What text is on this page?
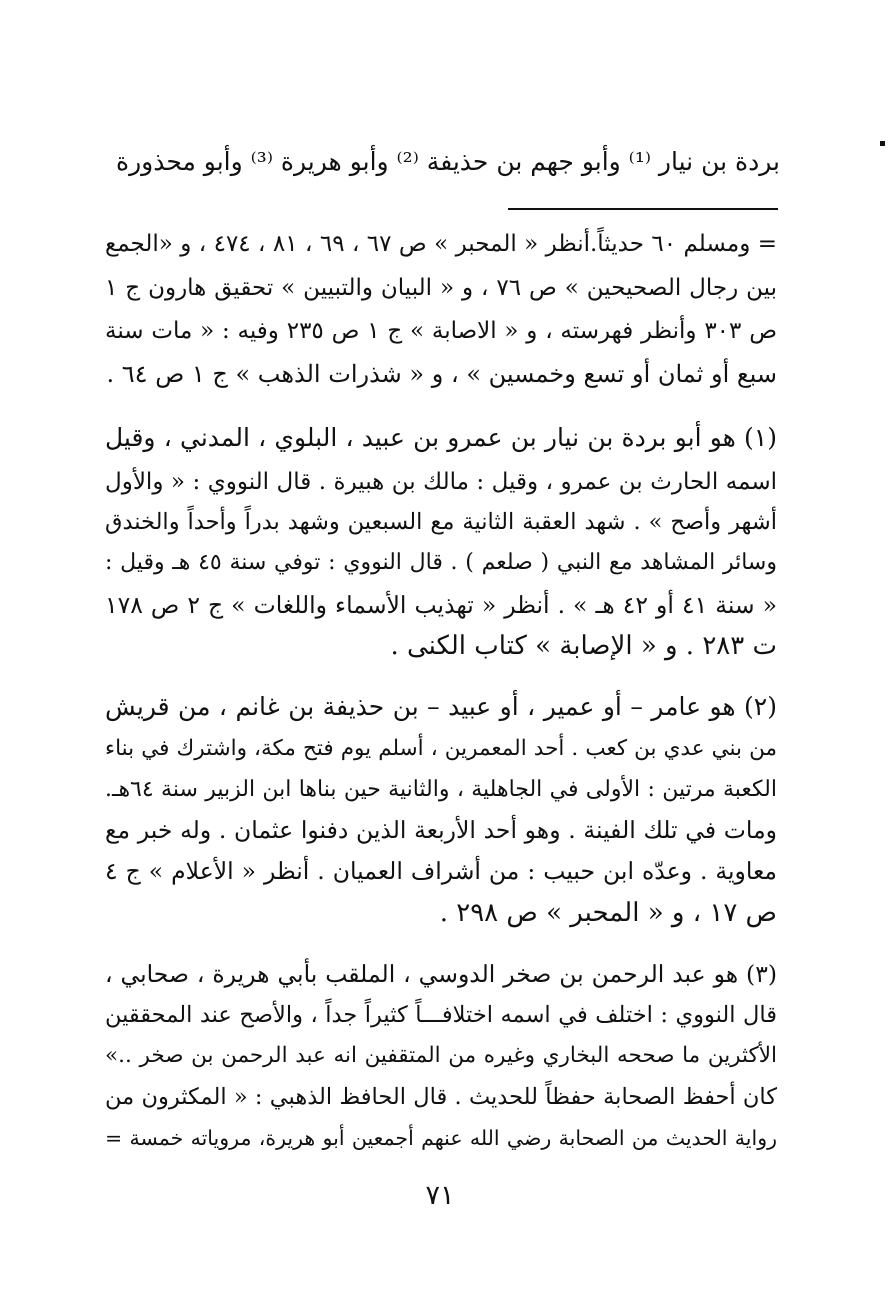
بردة بن نيار ⁽¹⁾ وأبو جهم بن حذيفة ⁽²⁾ وأبو هريرة ⁽³⁾ وأبو محذورة
= ومسلم ٦٠ حديثاً.أنظر « المحبر » ص ٦٧ ، ٦٩ ، ٨١ ، ٤٧٤ ، و «الجمع
بين رجال الصحيحين » ص ٧٦ ، و « البيان والتبيين » تحقيق هارون ج ١
ص ٣٠٣ وأنظر فهرسته ، و « الاصابة » ج ١ ص ٢٣٥ وفيه : « مات سنة
سبع أو ثمان أو تسع وخمسين » ، و « شذرات الذهب » ج ١ ص ٦٤ .
(١) هو أبو بردة بن نيار بن عمرو بن عبيد ، البلوي ، المدني ، وقيل
اسمه الحارث بن عمرو ، وقيل : مالك بن هبيرة . قال النووي : « والأول
أشهر وأصح » . شهد العقبة الثانية مع السبعين وشهد بدراً وأحداً والخندق
وسائر المشاهد مع النبي ( صلعم ) . قال النووي : توفي سنة ٤٥ هـ وقيل :
« سنة ٤١ أو ٤٢ هـ » . أنظر « تهذيب الأسماء واللغات » ج ٢ ص ١٧٨
ت ٢٨٣ . و « الإصابة » كتاب الكنى .
(٢) هو عامر – أو عمير ، أو عبيد – بن حذيفة بن غانم ، من قريش
من بني عدي بن كعب . أحد المعمرين ، أسلم يوم فتح مكة، واشترك في بناء
الكعبة مرتين : الأولى في الجاهلية ، والثانية حين بناها ابن الزبير سنة ٦٤هـ.
ومات في تلك الفينة . وهو أحد الأربعة الذين دفنوا عثمان . وله خبر مع
معاوية . وعدّه ابن حبيب : من أشراف العميان . أنظر « الأعلام » ج ٤
ص ١٧ ، و « المحبر » ص ٢٩٨ .
(٣) هو عبد الرحمن بن صخر الدوسي ، الملقب بأبي هريرة ، صحابي ،
قال النووي : اختلف في اسمه اختلافـــاً كثيراً جداً ، والأصح عند المحققين
الأكثرين ما صححه البخاري وغيره من المتقفين انه عبد الرحمن بن صخر ..»
كان أحفظ الصحابة حفظاً للحديث . قال الحافظ الذهبي : « المكثرون من
رواية الحديث من الصحابة رضي الله عنهم أجمعين أبو هريرة، مروياته خمسة =
٧١
